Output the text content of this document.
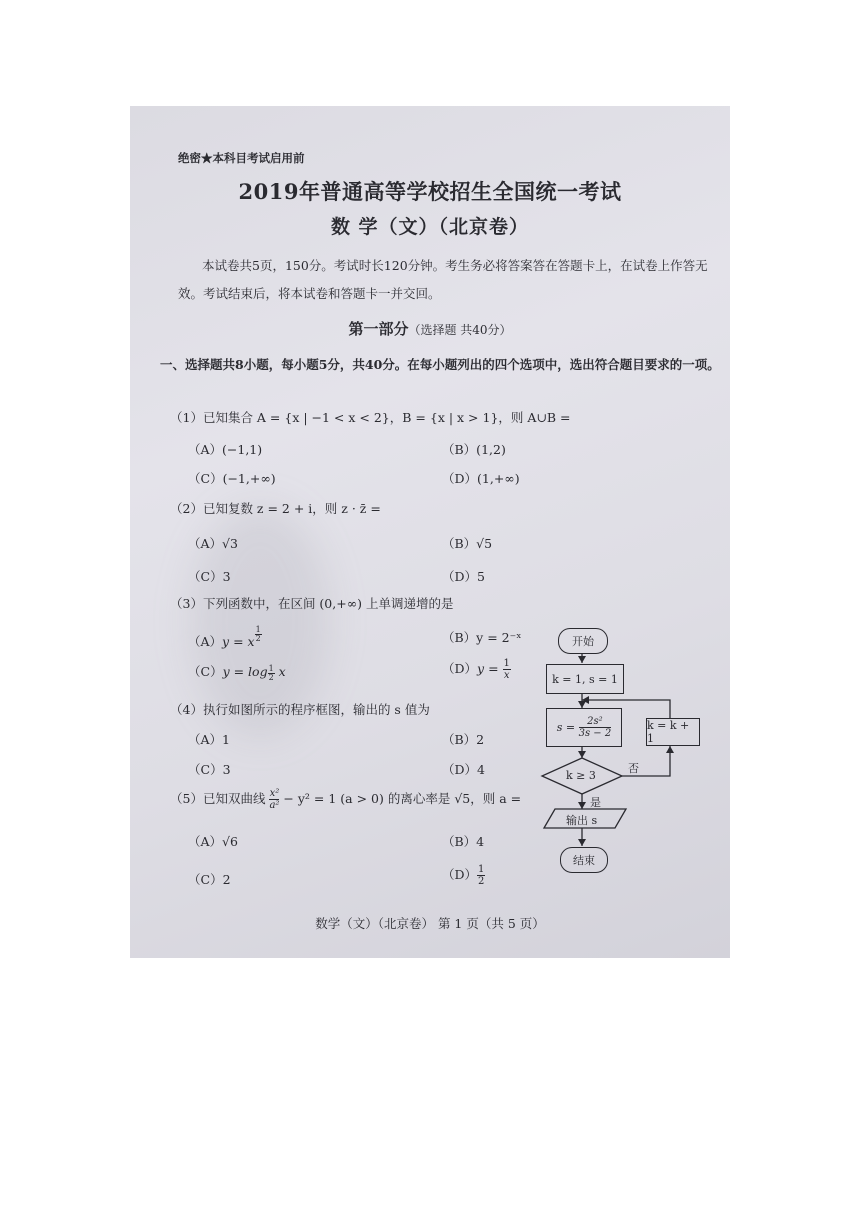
绝密★本科目考试启用前
2019年普通高等学校招生全国统一考试
数 学（文）（北京卷）
本试卷共5页，150分。考试时长120分钟。考生务必将答案答在答题卡上，在试卷上作答无效。考试结束后，将本试卷和答题卡一并交回。
第一部分（选择题 共40分）
一、选择题共8小题，每小题5分，共40分。在每小题列出的四个选项中，选出符合题目要求的一项。
（1）已知集合 A = {x | −1 < x < 2}，B = {x | x > 1}，则 A∪B =
（A）(−1,1)	（B）(1,2)
（C）(−1,+∞)	（D）(1,+∞)
（2）已知复数 z = 2 + i，则 z · z̄ =
（A）√3	（B）√5
（C）3	（D）5
（3）下列函数中，在区间 (0,+∞) 上单调递增的是
（A）y = x $^{\frac{1}{2}}$	（B）y = 2⁻ˣ
（C）y = log $_{\frac{1}{2}}$ x	$(D)y = \frac{1}{x}$
（4）执行如图所示的程序框图，输出的 s 值为
（A）1	（B）2
（C）3	（D）4
（5）已知双曲线 $\frac{\text{x²}}{\text{a²}} - y^2 = 1$ (a > 0) 的离心率是 √5，则 a =
（A）√6	（B）4
（C）2	$(D) \frac{1}{2}$
开始
k = 1, s = 1
s =
$\frac{\text{2s²}}{3s - 2}$	k = k + 1
k ≥ 3
否
是
输出 s
结束
数学（文）（北京卷） 第 1 页（共 5 页）
